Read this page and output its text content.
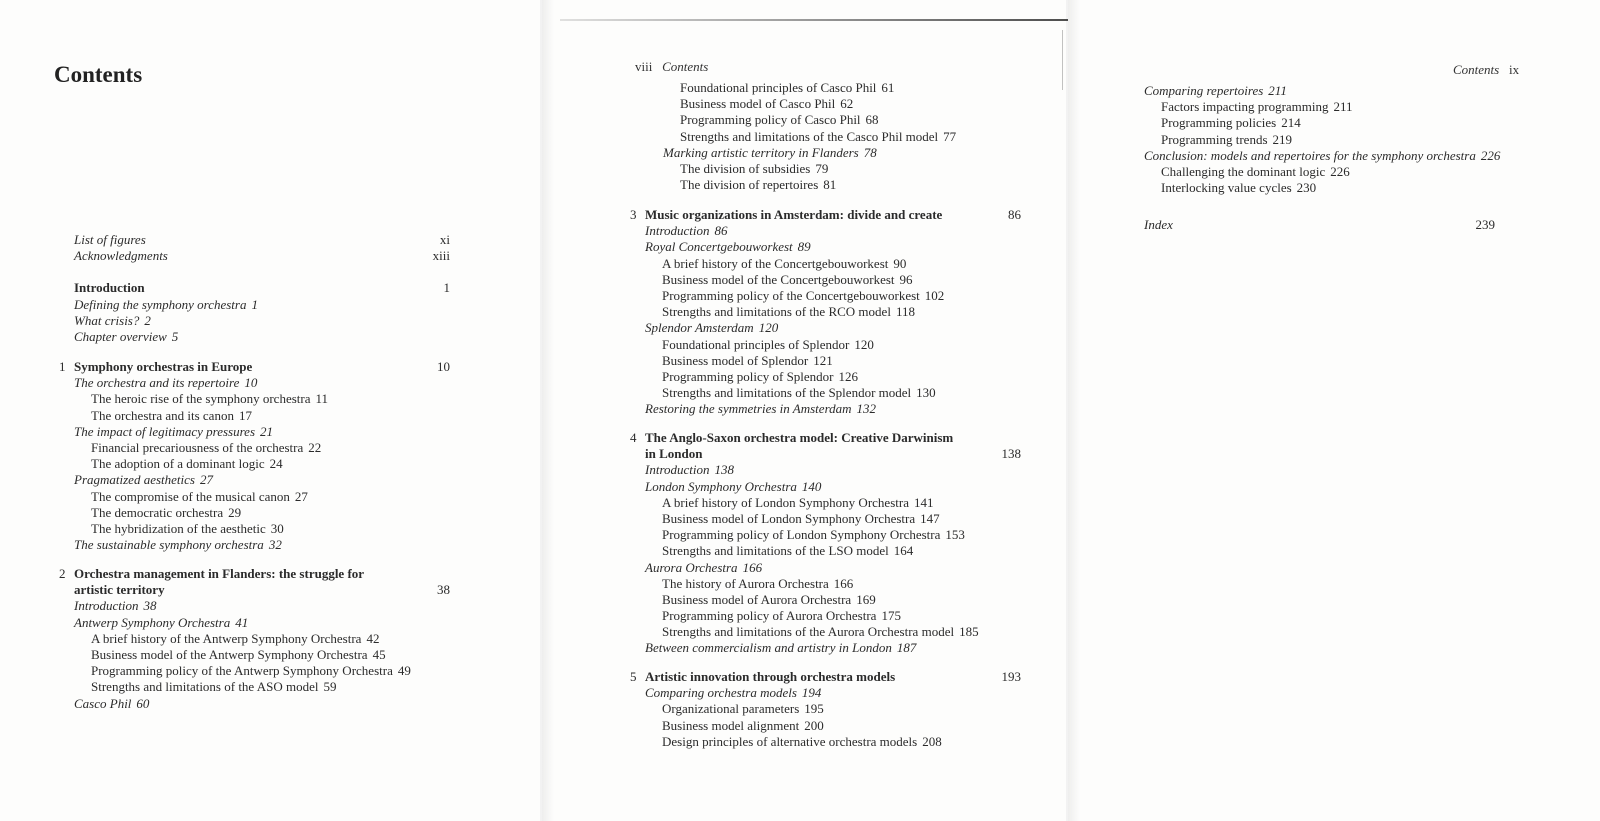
Contents
List of figures	xi
Acknowledgments	xiii
Introduction	1
Defining the symphony orchestra 1
What crisis? 2
Chapter overview 5
1 Symphony orchestras in Europe	10
The orchestra and its repertoire 10
The heroic rise of the symphony orchestra 11
The orchestra and its canon 17
The impact of legitimacy pressures 21
Financial precariousness of the orchestra 22
The adoption of a dominant logic 24
Pragmatized aesthetics 27
The compromise of the musical canon 27
The democratic orchestra 29
The hybridization of the aesthetic 30
The sustainable symphony orchestra 32
2 Orchestra management in Flanders: the struggle for
artistic territory	38
Introduction 38
Antwerp Symphony Orchestra 41
A brief history of the Antwerp Symphony Orchestra 42
Business model of the Antwerp Symphony Orchestra 45
Programming policy of the Antwerp Symphony Orchestra 49
Strengths and limitations of the ASO model 59
Casco Phil 60
viii Contents
Foundational principles of Casco Phil 61
Business model of Casco Phil 62
Programming policy of Casco Phil 68
Strengths and limitations of the Casco Phil model 77
Marking artistic territory in Flanders 78
The division of subsidies 79
The division of repertoires 81
3 Music organizations in Amsterdam: divide and create	86
Introduction 86
Royal Concertgebouworkest 89
A brief history of the Concertgebouworkest 90
Business model of the Concertgebouworkest 96
Programming policy of the Concertgebouworkest 102
Strengths and limitations of the RCO model 118
Splendor Amsterdam 120
Foundational principles of Splendor 120
Business model of Splendor 121
Programming policy of Splendor 126
Strengths and limitations of the Splendor model 130
Restoring the symmetries in Amsterdam 132
4 The Anglo-Saxon orchestra model: Creative Darwinism
in London	138
Introduction 138
London Symphony Orchestra 140
A brief history of London Symphony Orchestra 141
Business model of London Symphony Orchestra 147
Programming policy of London Symphony Orchestra 153
Strengths and limitations of the LSO model 164
Aurora Orchestra 166
The history of Aurora Orchestra 166
Business model of Aurora Orchestra 169
Programming policy of Aurora Orchestra 175
Strengths and limitations of the Aurora Orchestra model 185
Between commercialism and artistry in London 187
5 Artistic innovation through orchestra models	193
Comparing orchestra models 194
Organizational parameters 195
Business model alignment 200
Design principles of alternative orchestra models 208
Contents ix
Comparing repertoires 211
Factors impacting programming 211
Programming policies 214
Programming trends 219
Conclusion: models and repertoires for the symphony orchestra 226
Challenging the dominant logic 226
Interlocking value cycles 230
Index	239
